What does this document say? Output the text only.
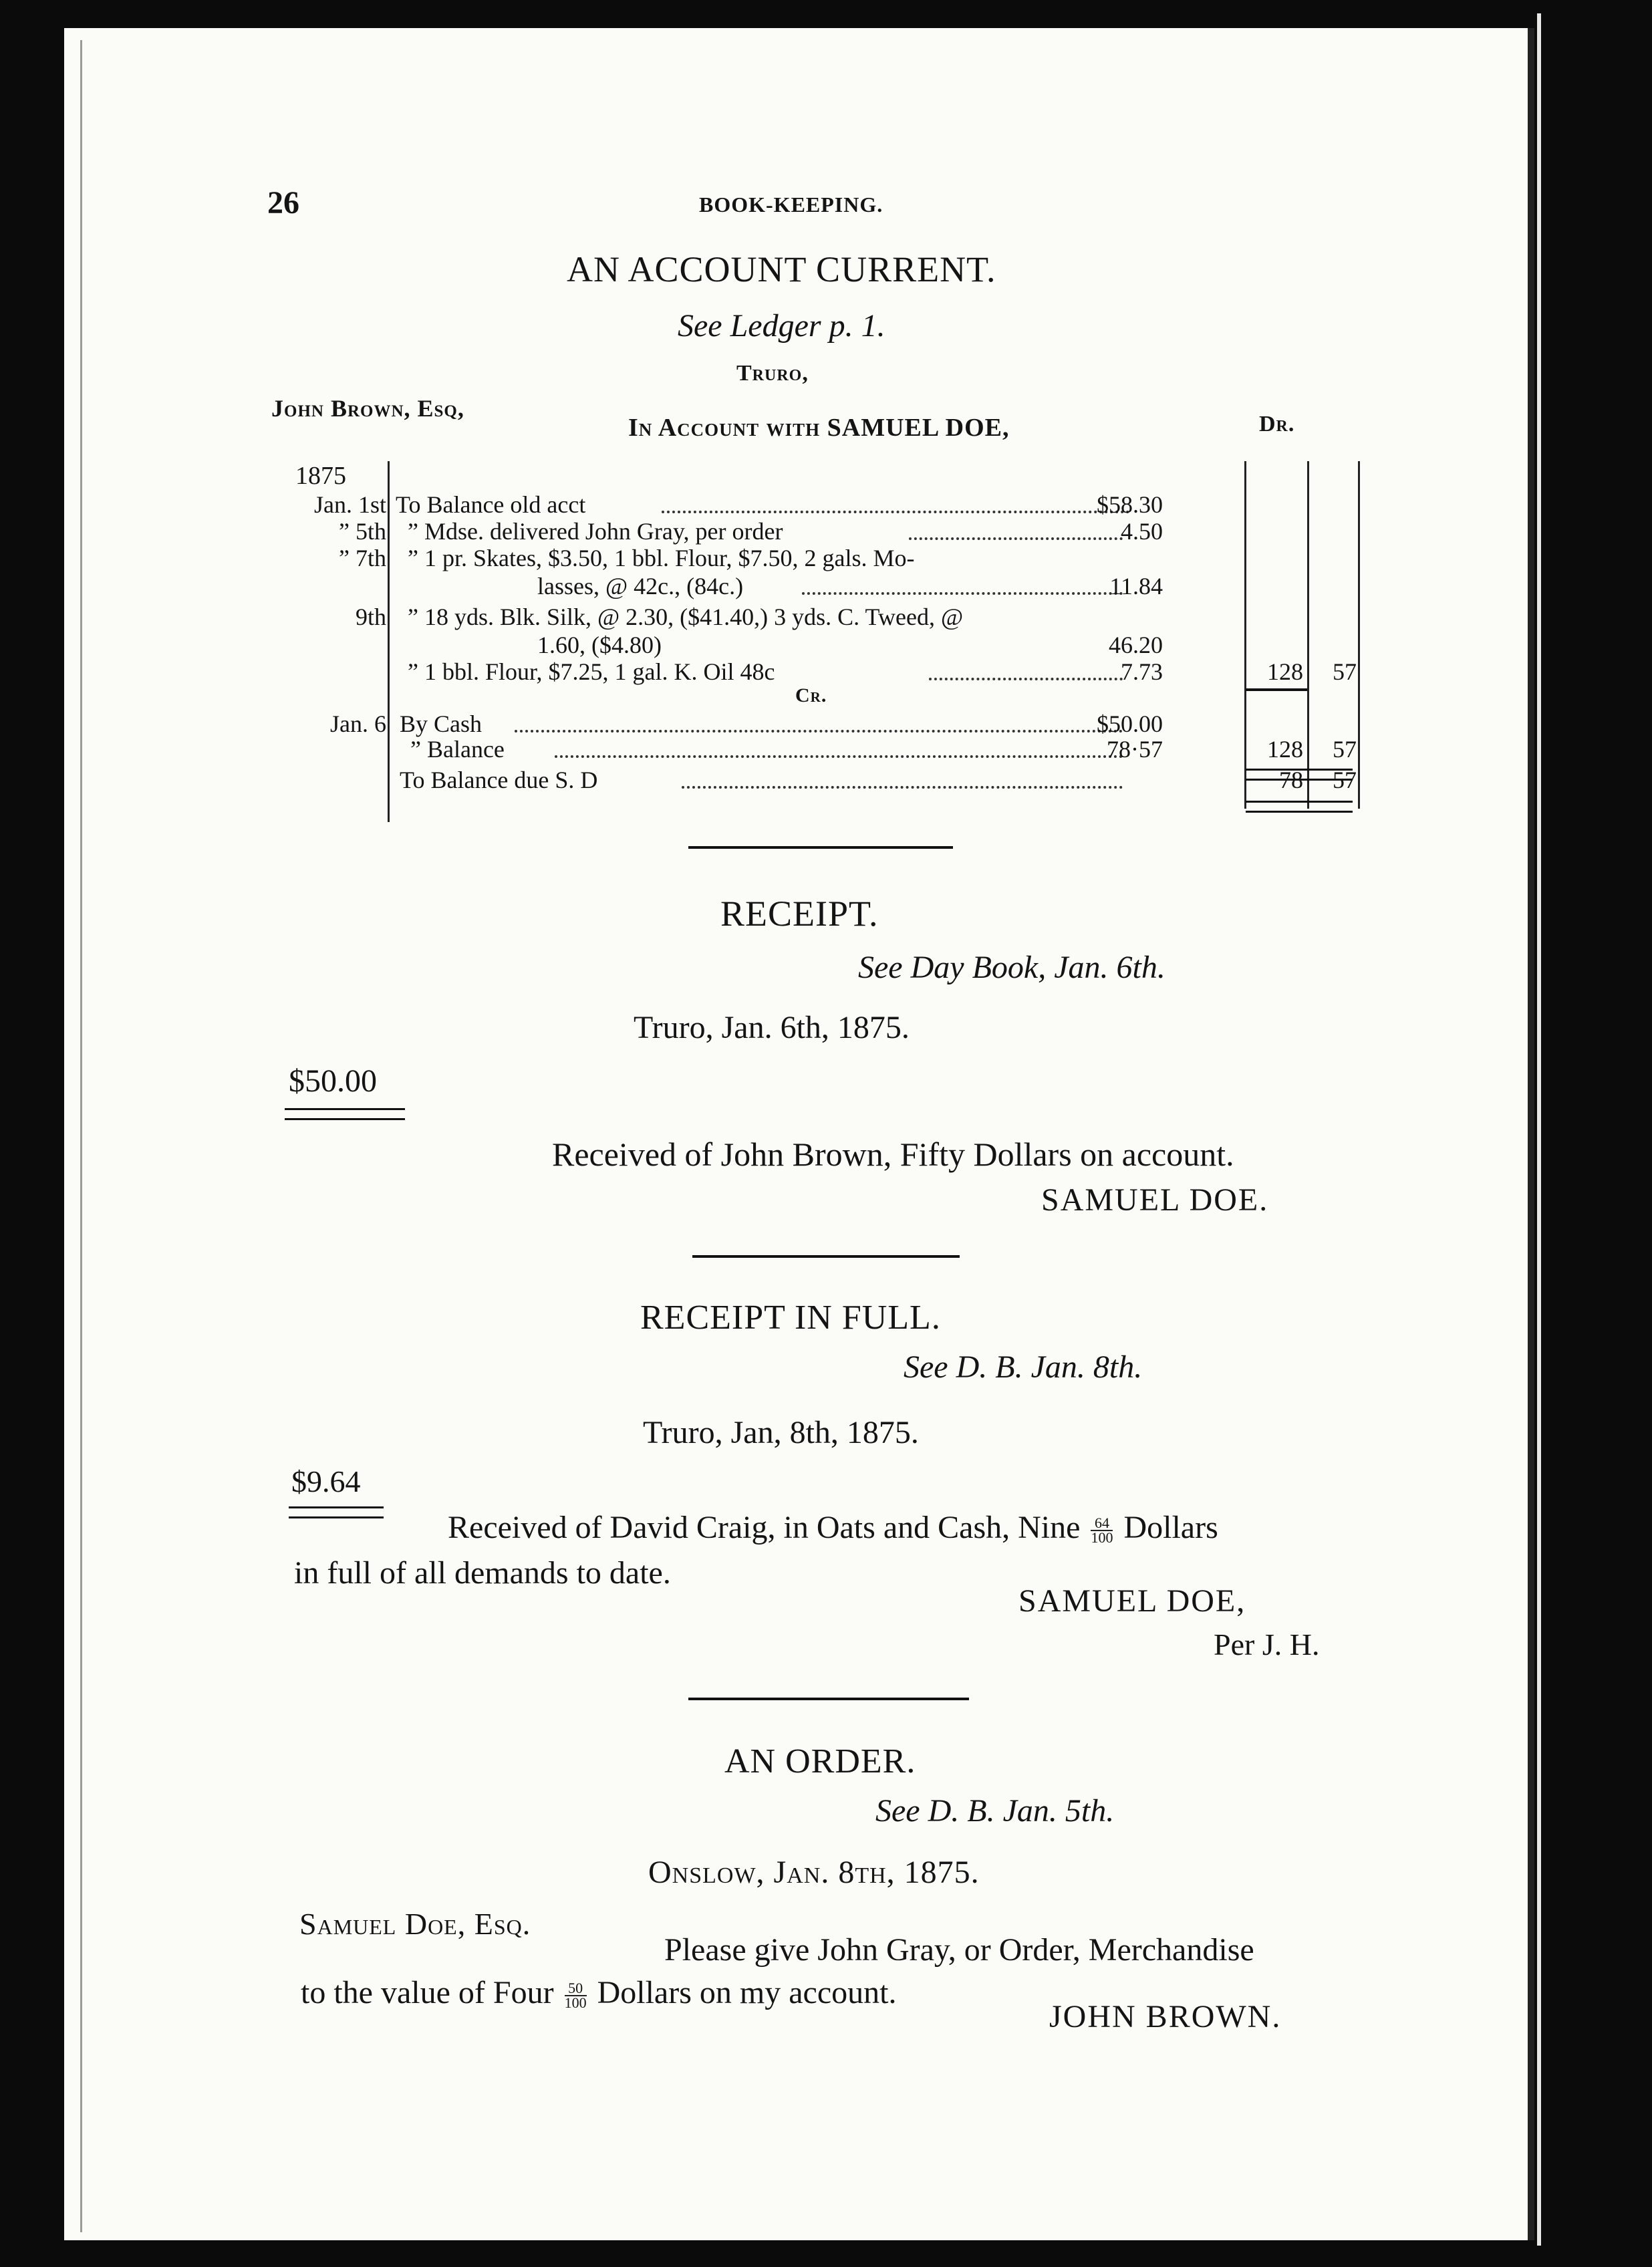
26	BOOK-KEEPING.
AN ACCOUNT CURRENT.
See Ledger p. 1.
Truro,
John Brown, Esq,
In Account with SAMUEL DOE,	Dr.
1875
Jan. 1st To Balance old acct	$58.30
” 5th ” Mdse. delivered John Gray, per order	4.50
” 7th ” 1 pr. Skates, $3.50, 1 bbl. Flour, $7.50, 2 gals. Mo-
lasses, @ 42c., (84c.)	11.84
9th ” 18 yds. Blk. Silk, @ 2.30, ($41.40,) 3 yds. C. Tweed, @
1.60, ($4.80)	46.20
” 1 bbl. Flour, $7.25, 1 gal. K. Oil 48c	7.73	128 57
Cr.
Jan. 6 By Cash	$50.00
” Balance	78·57	128 57
To Balance due S. D	78 57
RECEIPT.
See Day Book, Jan. 6th.
Truro, Jan. 6th, 1875.
$50.00
Received of John Brown, Fifty Dollars on account.
SAMUEL DOE.
RECEIPT IN FULL.
See D. B. Jan. 8th.
Truro, Jan, 8th, 1875.
$9.64
Received of David Craig, in Oats and Cash, Nine $\frac{64}{100}$ Dollars
in full of all demands to date.
SAMUEL DOE,
Per J. H.
AN ORDER.
See D. B. Jan. 5th.
Onslow, Jan. 8th, 1875.
Samuel Doe, Esq.
Please give John Gray, or Order, Merchandise
to the value of Four $\frac{50}{100}$ Dollars on my account.
JOHN BROWN.
